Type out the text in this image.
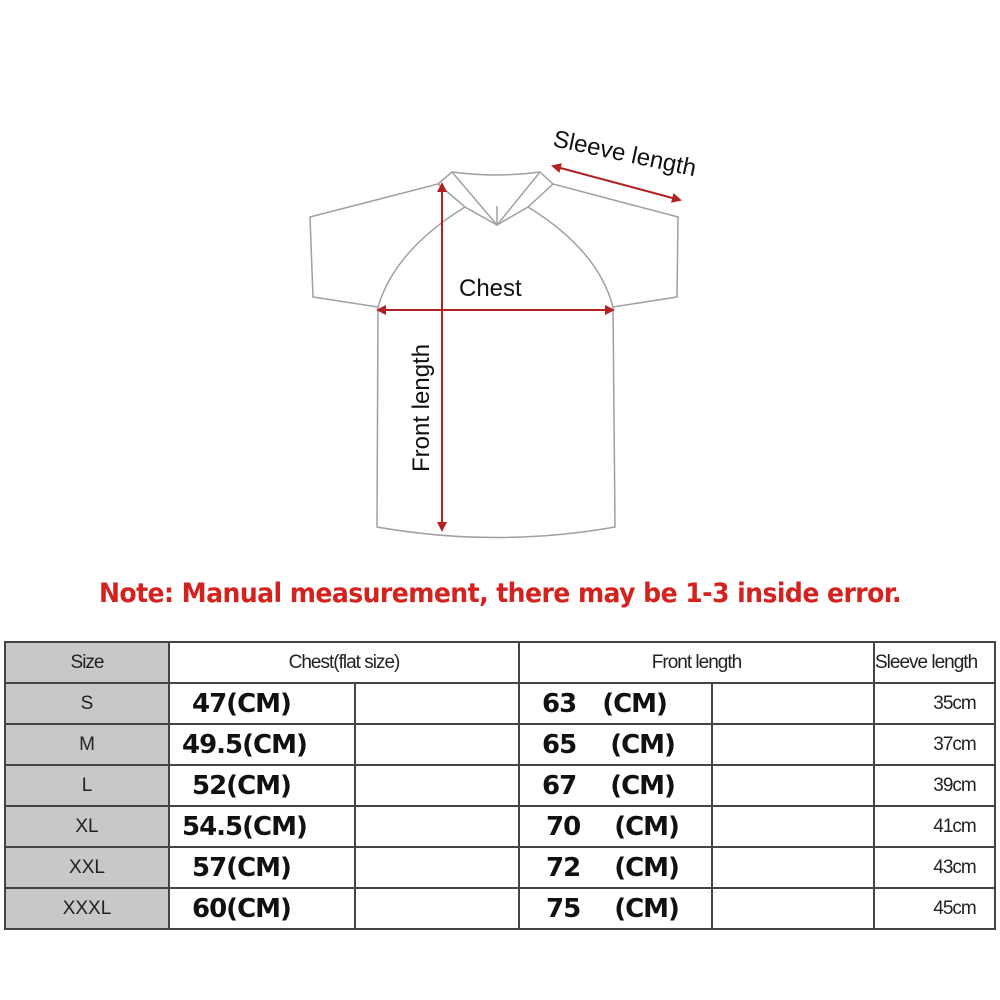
Chest
Sleeve length
Front length
Note: Manual measurement, there may be 1-3 inside error.
Size	Chest(flat size)		Front length		Sleeve length
S	47(CM)		63 (CM)		35cm
M	49.5(CM)		65 (CM)		37cm
L	52(CM)		67 (CM)		39cm
XL	54.5(CM)		70 (CM)		41cm
XXL	57(CM)		72 (CM)		43cm
XXXL	60(CM)		75 (CM)		45cm
